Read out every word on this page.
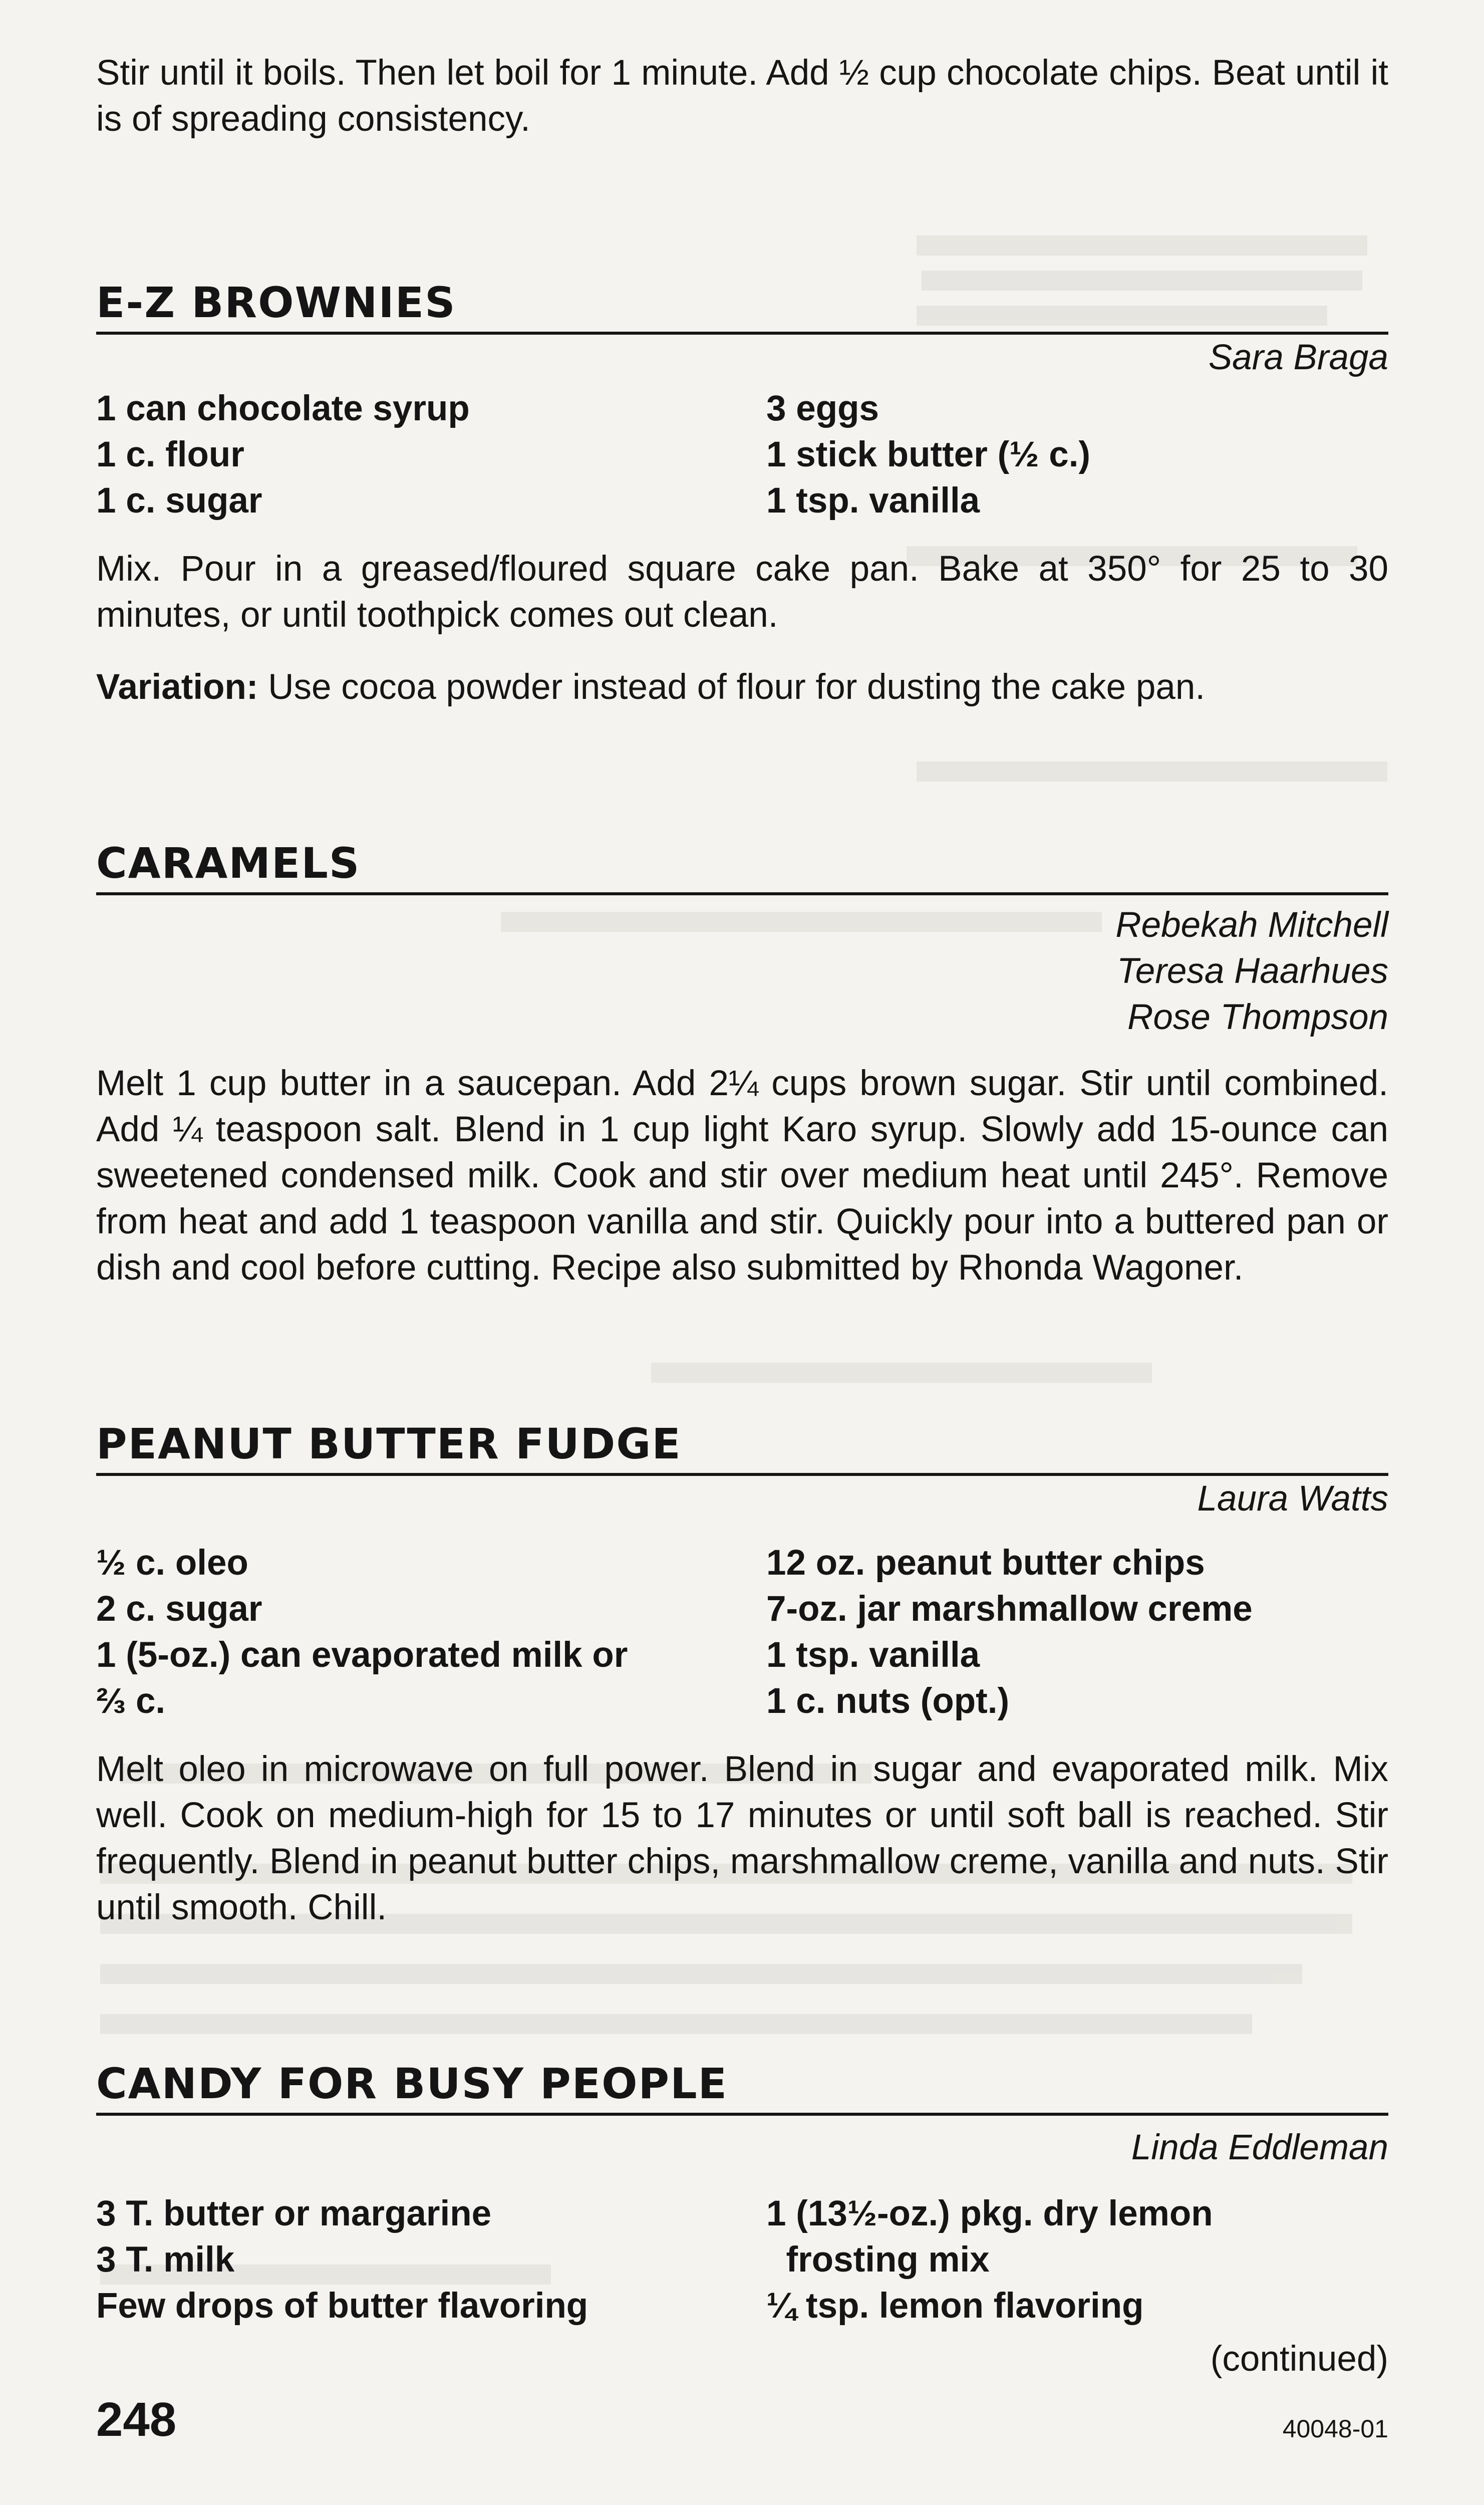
Stir until it boils. Then let boil for 1 minute. Add ½ cup chocolate chips. Beat until it is of spreading consistency.

E-Z BROWNIES
Sara Braga
1 can chocolate syrup
1 c. flour
1 c. sugar
3 eggs
1 stick butter (½ c.)
1 tsp. vanilla

Mix. Pour in a greased/floured square cake pan. Bake at 350° for 25 to 30 minutes, or until toothpick comes out clean.

Variation: Use cocoa powder instead of flour for dusting the cake pan.

CARAMELS
Rebekah Mitchell
Teresa Haarhues
Rose Thompson

Melt 1 cup butter in a saucepan. Add 2¼ cups brown sugar. Stir until combined. Add ¼ teaspoon salt. Blend in 1 cup light Karo syrup. Slowly add 15-ounce can sweetened condensed milk. Cook and stir over medium heat until 245°. Remove from heat and add 1 teaspoon vanilla and stir. Quickly pour into a buttered pan or dish and cool before cutting. Recipe also submitted by Rhonda Wagoner.

PEANUT BUTTER FUDGE
Laura Watts
½ c. oleo
2 c. sugar
1 (5-oz.) can evaporated milk or
⅔ c.
12 oz. peanut butter chips
7-oz. jar marshmallow creme
1 tsp. vanilla
1 c. nuts (opt.)

Melt oleo in microwave on full power. Blend in sugar and evaporated milk. Mix well. Cook on medium-high for 15 to 17 minutes or until soft ball is reached. Stir frequently. Blend in peanut butter chips, marshmallow creme, vanilla and nuts. Stir until smooth. Chill.

CANDY FOR BUSY PEOPLE
Linda Eddleman
3 T. butter or margarine
3 T. milk
Few drops of butter flavoring
1 (13½-oz.) pkg. dry lemon
frosting mix
¼ tsp. lemon flavoring
(continued)
248	40048-01
